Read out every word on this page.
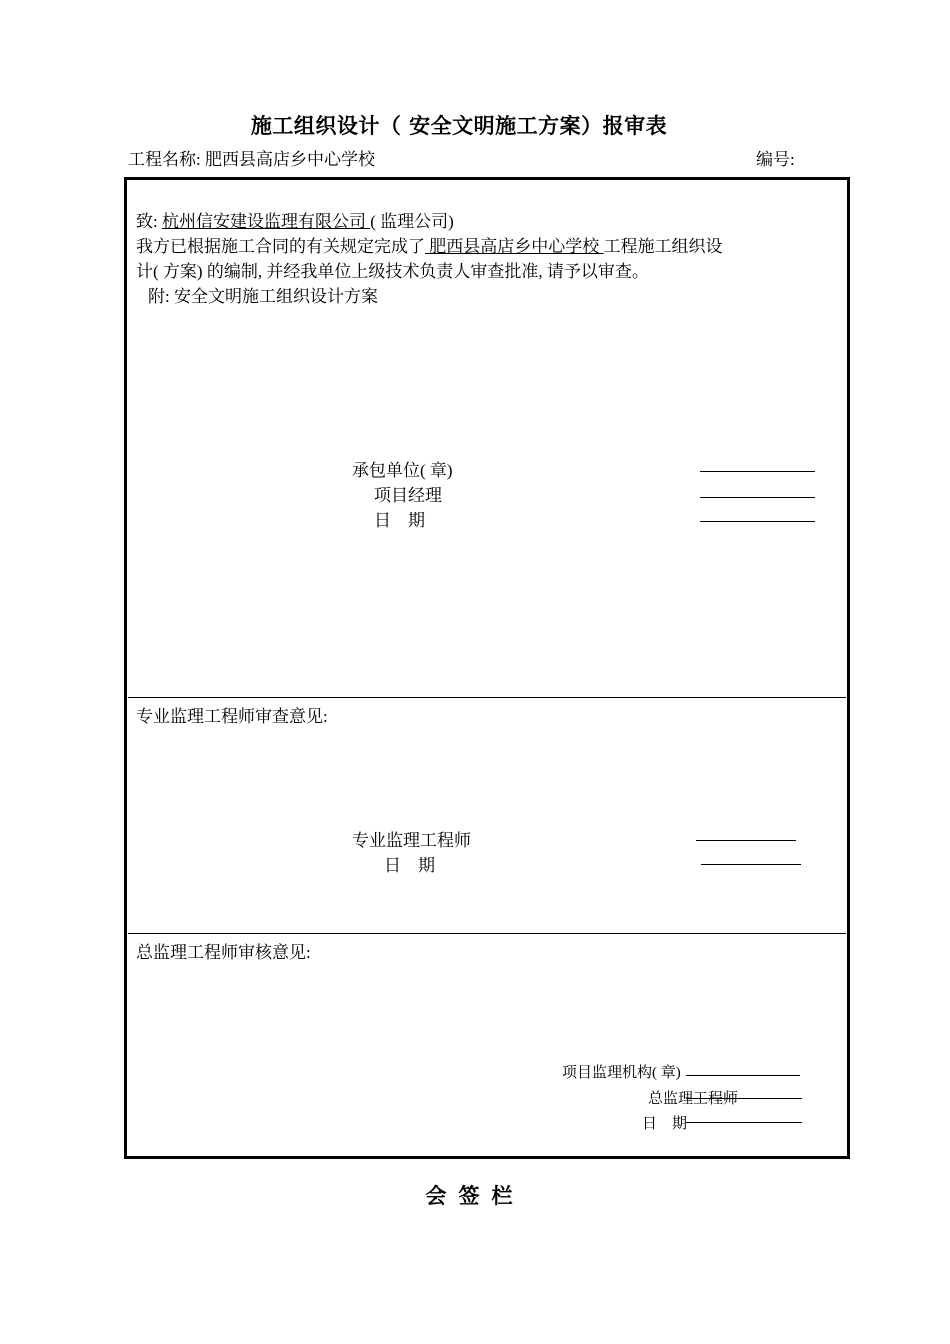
施工组织设计（ 安全文明施工方案）报审表
工程名称: 肥西县高店乡中心学校	编号:
致: 杭州信安建设监理有限公司 ( 监理公司)
我方已根据施工合同的有关规定完成了 肥西县高店乡中心学校 工程施工组织设
计( 方案) 的编制, 并经我单位上级技术负责人审查批准, 请予以审查。
附: 安全文明施工组织设计方案
承包单位( 章)
项目经理
日    期
专业监理工程师审查意见:
专业监理工程师
日    期
总监理工程师审核意见:
项目监理机构( 章)
总监理工程师
日    期
会签栏
